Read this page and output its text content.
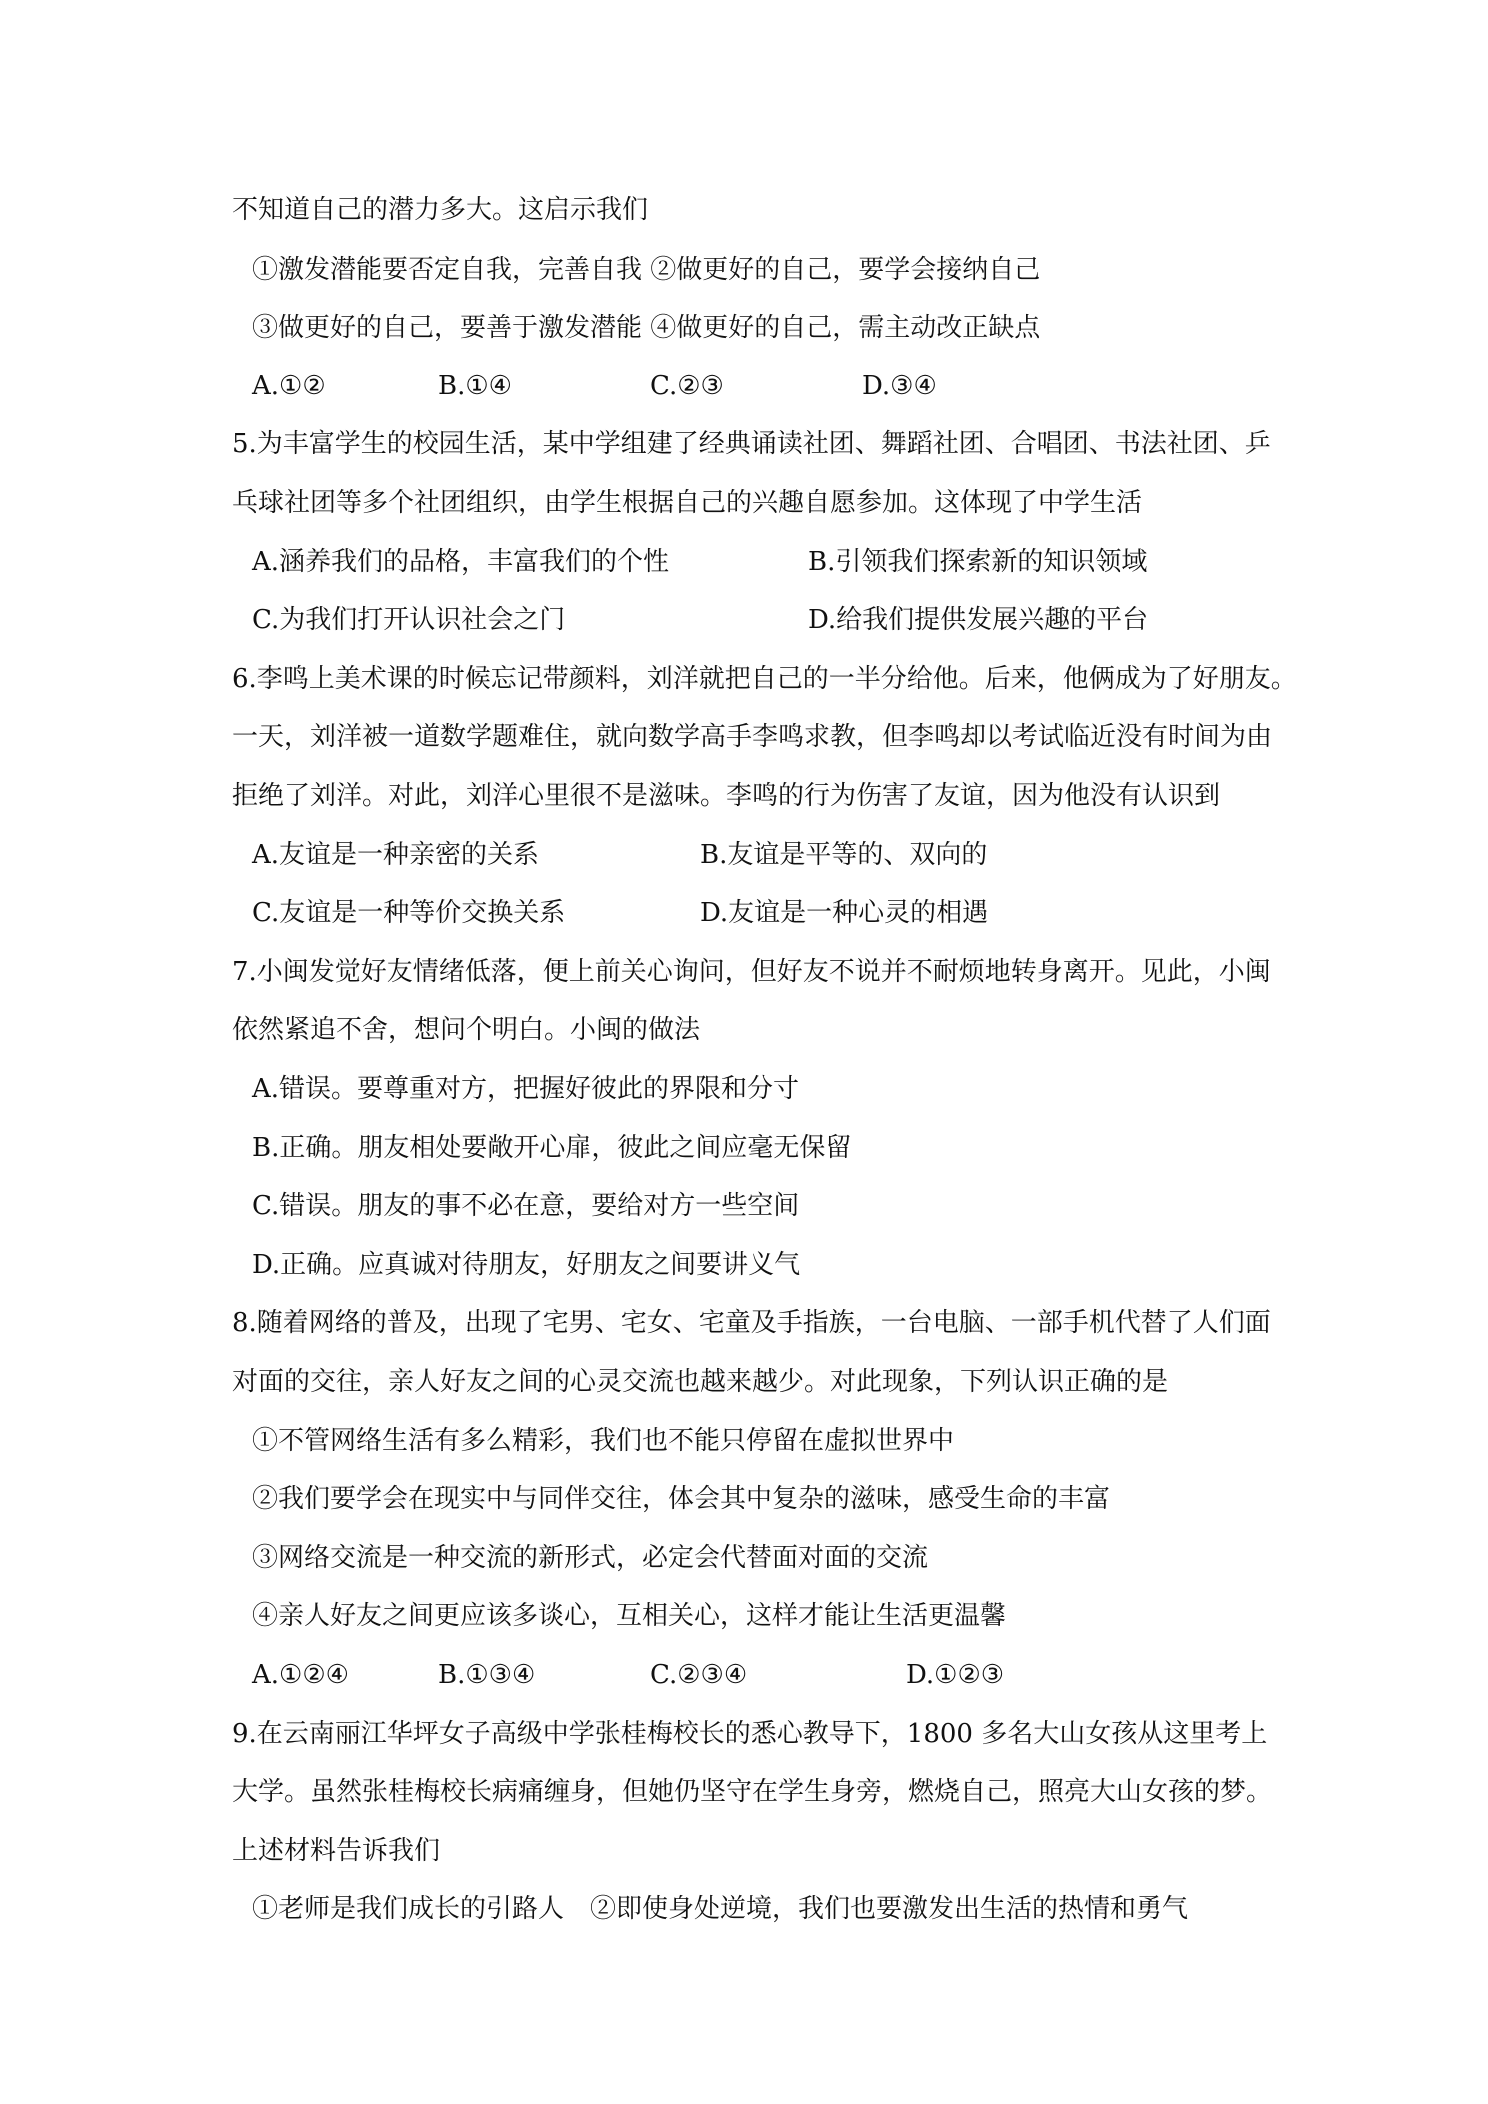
不知道自己的潜力多大。这启示我们
①激发潜能要否定自我，完善自我 ②做更好的自己，要学会接纳自己
③做更好的自己，要善于激发潜能 ④做更好的自己，需主动改正缺点
A.①②	B.①④	C.②③	D.③④
5.为丰富学生的校园生活，某中学组建了经典诵读社团、舞蹈社团、合唱团、书法社团、乒
乓球社团等多个社团组织，由学生根据自己的兴趣自愿参加。这体现了中学生活
A.涵养我们的品格，丰富我们的个性	B.引领我们探索新的知识领域
C.为我们打开认识社会之门	D.给我们提供发展兴趣的平台
6.李鸣上美术课的时候忘记带颜料，刘洋就把自己的一半分给他。后来，他俩成为了好朋友。
一天，刘洋被一道数学题难住，就向数学高手李鸣求教，但李鸣却以考试临近没有时间为由
拒绝了刘洋。对此，刘洋心里很不是滋味。李鸣的行为伤害了友谊，因为他没有认识到
A.友谊是一种亲密的关系	B.友谊是平等的、双向的
C.友谊是一种等价交换关系	D.友谊是一种心灵的相遇
7.小闽发觉好友情绪低落，便上前关心询问，但好友不说并不耐烦地转身离开。见此，小闽
依然紧追不舍，想问个明白。小闽的做法
A.错误。要尊重对方，把握好彼此的界限和分寸
B.正确。朋友相处要敞开心扉，彼此之间应毫无保留
C.错误。朋友的事不必在意，要给对方一些空间
D.正确。应真诚对待朋友，好朋友之间要讲义气
8.随着网络的普及，出现了宅男、宅女、宅童及手指族，一台电脑、一部手机代替了人们面
对面的交往，亲人好友之间的心灵交流也越来越少。对此现象，下列认识正确的是
①不管网络生活有多么精彩，我们也不能只停留在虚拟世界中
②我们要学会在现实中与同伴交往，体会其中复杂的滋味，感受生命的丰富
③网络交流是一种交流的新形式，必定会代替面对面的交流
④亲人好友之间更应该多谈心，互相关心，这样才能让生活更温馨
A.①②④	B.①③④	C.②③④	D.①②③
9.在云南丽江华坪女子高级中学张桂梅校长的悉心教导下，1800 多名大山女孩从这里考上
大学。虽然张桂梅校长病痛缠身，但她仍坚守在学生身旁，燃烧自己，照亮大山女孩的梦。
上述材料告诉我们
①老师是我们成长的引路人　②即使身处逆境，我们也要激发出生活的热情和勇气
